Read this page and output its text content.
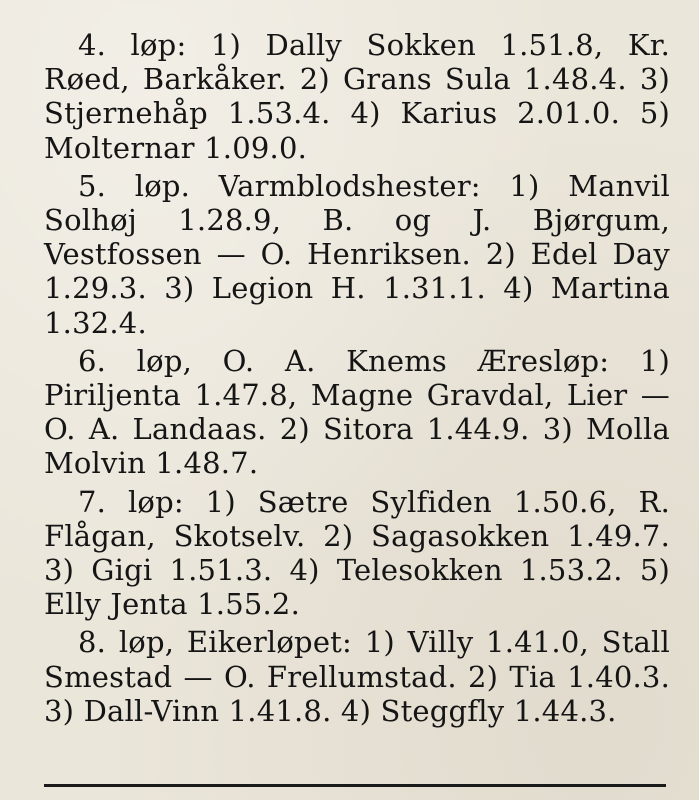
4. løp: 1) Dally Sokken 1.51.8, Kr. Røed, Barkåker. 2) Grans Sula 1.48.4. 3) Stjernehåp 1.53.4. 4) Karius 2.01.0. 5) Molternar 1.09.0.

5. løp. Varmblodshester: 1) Manvil Solhøj 1.28.9, B. og J. Bjørgum, Vestfossen — O. Henriksen. 2) Edel Day 1.29.3. 3) Legion H. 1.31.1. 4) Martina 1.32.4.

6. løp, O. A. Knems Æresløp: 1) Piriljenta 1.47.8, Magne Gravdal, Lier — O. A. Landaas. 2) Sitora 1.44.9. 3) Molla Molvin 1.48.7.

7. løp: 1) Sætre Sylfiden 1.50.6, R. Flågan, Skotselv. 2) Sagasokken 1.49.7. 3) Gigi 1.51.3. 4) Telesokken 1.53.2. 5) Elly Jenta 1.55.2.

8. løp, Eikerløpet: 1) Villy 1.41.0, Stall Smestad — O. Frellumstad. 2) Tia 1.40.3. 3) Dall-Vinn 1.41.8. 4) Steggfly 1.44.3.
